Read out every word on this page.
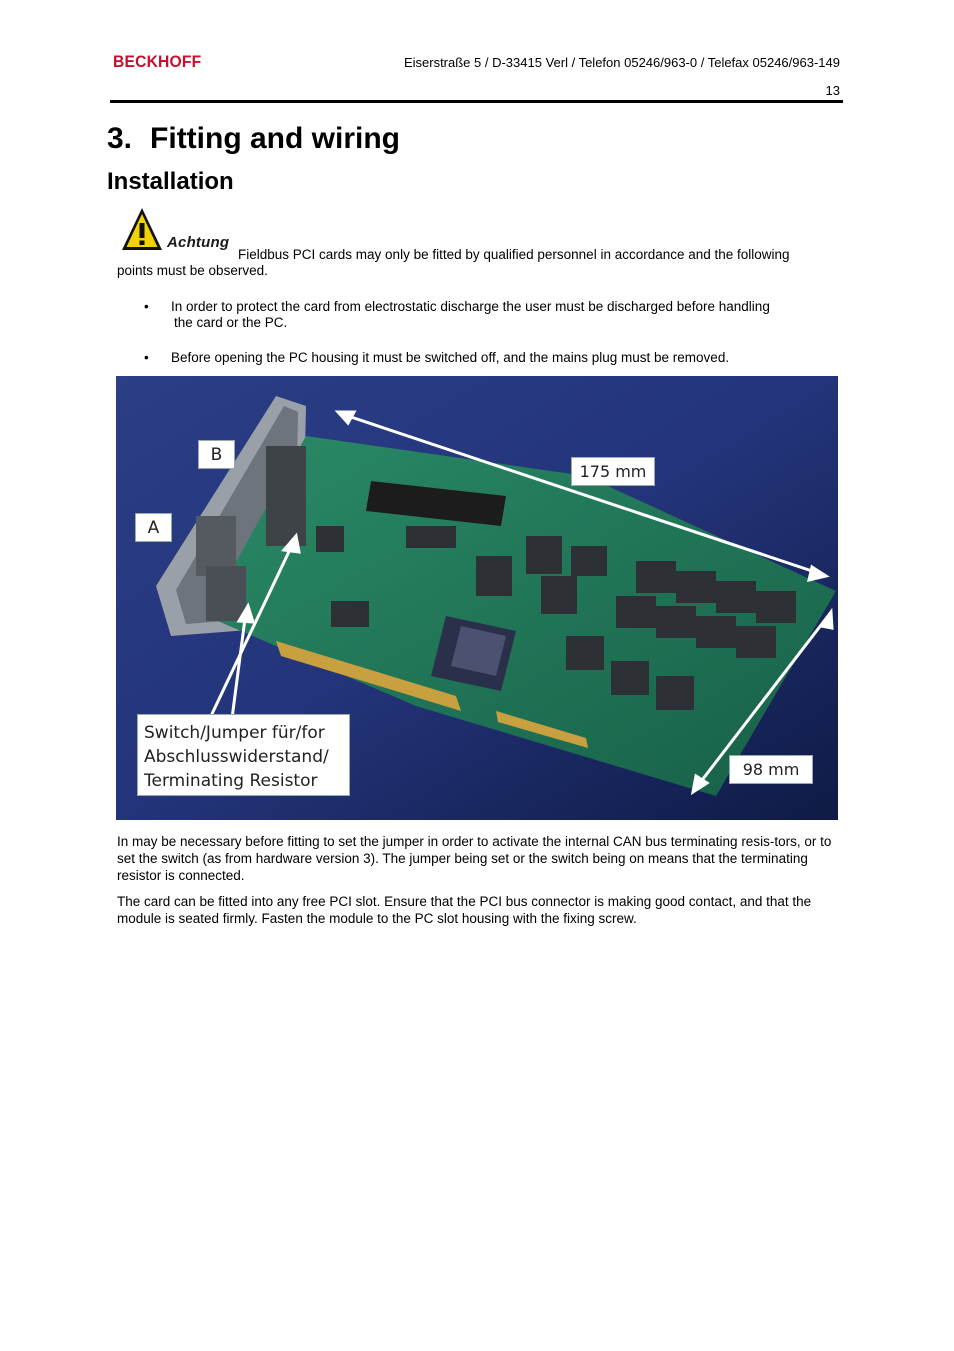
BECKHOFF	Eiserstraße 5 / D-33415 Verl / Telefon 05246/963-0 / Telefax 05246/963-149
13
3. Fitting and wiring
Installation
Achtung
Fieldbus PCI cards may only be fitted by qualified personnel in accordance and the following
points must be observed.
• In order to protect the card from electrostatic discharge the user must be discharged before handling
the card or the PC.
• Before opening the PC housing it must be switched off, and the mains plug must be removed.
B
A
175 mm
98 mm
Switch/Jumper für/for
Abschlusswiderstand/
Terminating Resistor
In may be necessary before fitting to set the jumper in order to activate the internal CAN bus terminating resis-tors, or to set the switch (as from hardware version 3). The jumper being set or the switch being on means that the terminating resistor is connected.
The card can be fitted into any free PCI slot. Ensure that the PCI bus connector is making good contact, and that the module is seated firmly. Fasten the module to the PC slot housing with the fixing screw.
